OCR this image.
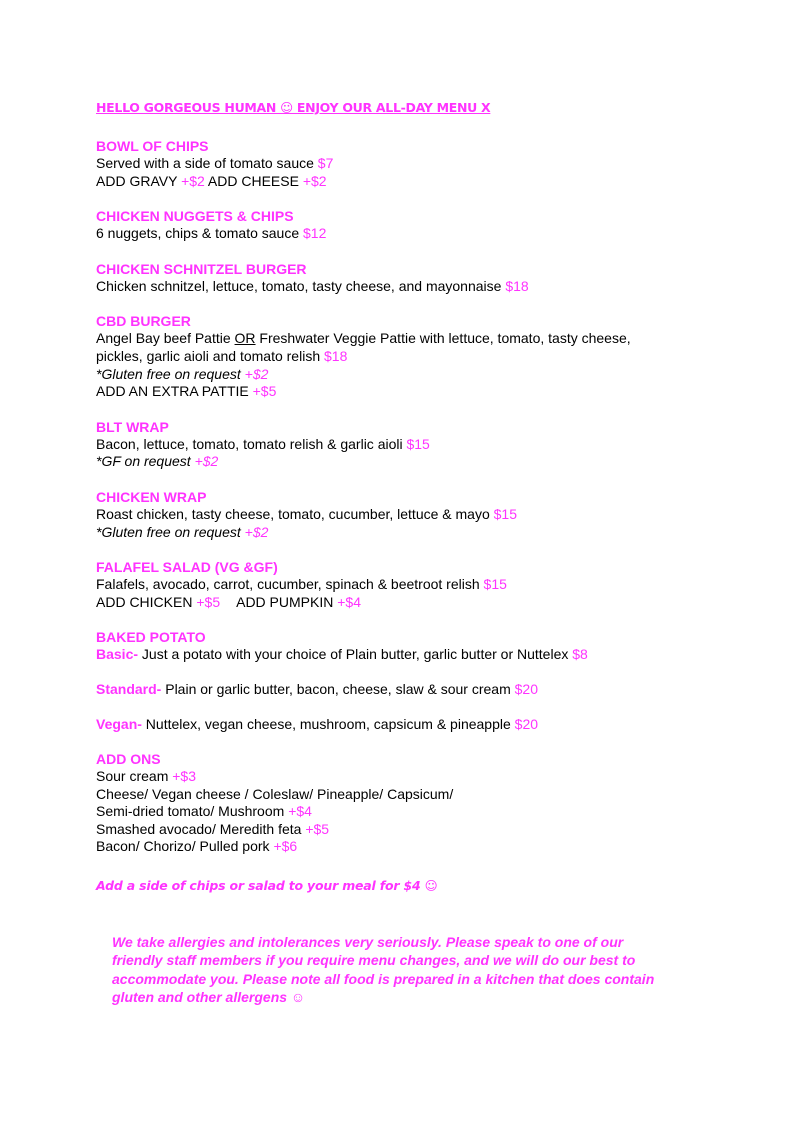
HELLO GORGEOUS HUMAN ☺ ENJOY OUR ALL-DAY MENU X
BOWL OF CHIPS
Served with a side of tomato sauce $7
ADD GRAVY +$2 ADD CHEESE +$2
CHICKEN NUGGETS & CHIPS
6 nuggets, chips & tomato sauce $12
CHICKEN SCHNITZEL BURGER
Chicken schnitzel, lettuce, tomato, tasty cheese, and mayonnaise $18
CBD BURGER
Angel Bay beef Pattie OR Freshwater Veggie Pattie with lettuce, tomato, tasty cheese,
pickles, garlic aioli and tomato relish $18
*Gluten free on request +$2
ADD AN EXTRA PATTIE +$5
BLT WRAP
Bacon, lettuce, tomato, tomato relish & garlic aioli $15
*GF on request +$2
CHICKEN WRAP
Roast chicken, tasty cheese, tomato, cucumber, lettuce & mayo $15
*Gluten free on request +$2
FALAFEL SALAD (VG &GF)
Falafels, avocado, carrot, cucumber, spinach & beetroot relish $15
ADD CHICKEN +$5 ADD PUMPKIN +$4
BAKED POTATO
Basic- Just a potato with your choice of Plain butter, garlic butter or Nuttelex $8
Standard- Plain or garlic butter, bacon, cheese, slaw & sour cream $20
Vegan- Nuttelex, vegan cheese, mushroom, capsicum & pineapple $20
ADD ONS
Sour cream +$3
Cheese/ Vegan cheese / Coleslaw/ Pineapple/ Capsicum/
Semi-dried tomato/ Mushroom +$4
Smashed avocado/ Meredith feta +$5
Bacon/ Chorizo/ Pulled pork +$6
Add a side of chips or salad to your meal for $4 ☺
We take allergies and intolerances very seriously. Please speak to one of our
friendly staff members if you require menu changes, and we will do our best to
accommodate you. Please note all food is prepared in a kitchen that does contain
gluten and other allergens ☺
